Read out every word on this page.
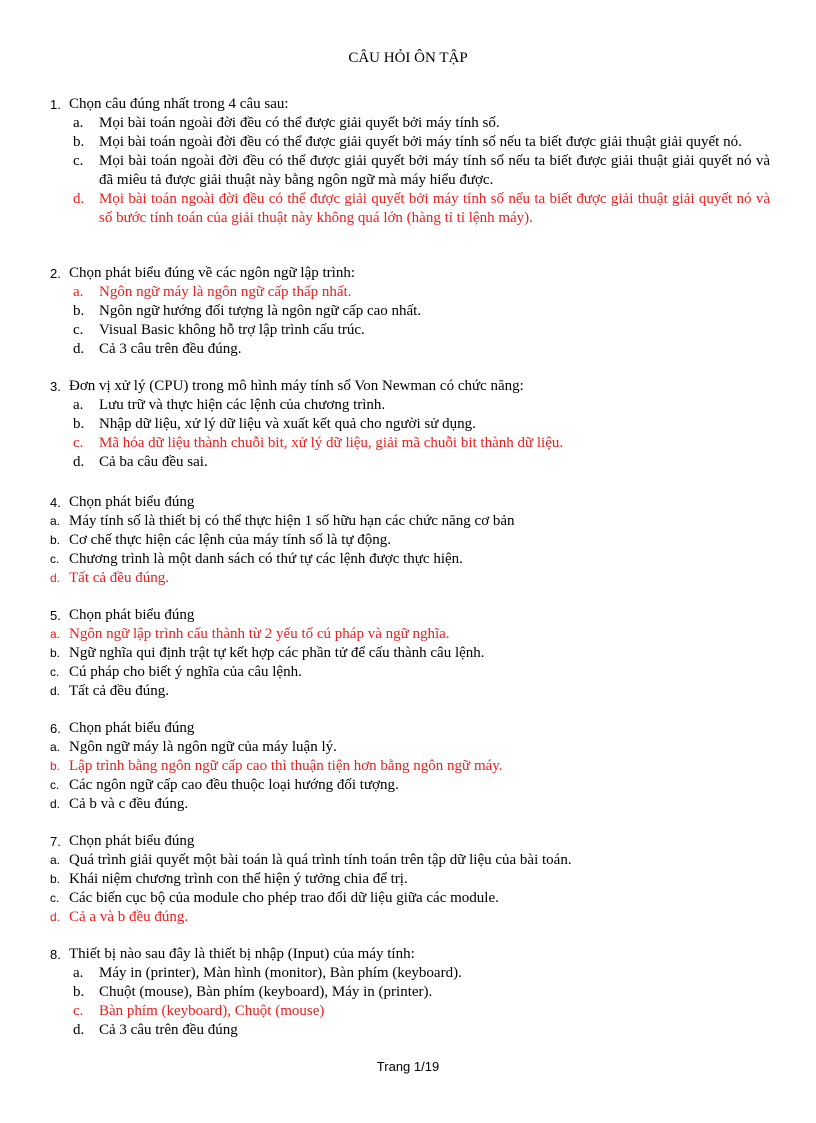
CÂU HỎI ÔN TẬP
1. Chọn câu đúng nhất trong 4 câu sau:
a. Mọi bài toán ngoài đời đều có thể được giải quyết bởi máy tính số.
b. Mọi bài toán ngoài đời đều có thể được giải quyết bởi máy tính số nếu ta biết được giải thuật giải quyết nó.
c. Mọi bài toán ngoài đời đều có thể được giải quyết bởi máy tính số nếu ta biết được giải thuật giải quyết nó và đã miêu tả được giải thuật này bằng ngôn ngữ mà máy hiểu được.
d. Mọi bài toán ngoài đời đều có thể được giải quyết bởi máy tính số nếu ta biết được giải thuật giải quyết nó và số bước tính toán của giải thuật này không quá lớn (hàng tỉ tỉ lệnh máy).
2. Chọn phát biểu đúng về các ngôn ngữ lập trình:
a. Ngôn ngữ máy là ngôn ngữ cấp thấp nhất.
b. Ngôn ngữ hướng đối tượng là ngôn ngữ cấp cao nhất.
c. Visual Basic không hỗ trợ lập trình cấu trúc.
d. Cả 3 câu trên đều đúng.
3. Đơn vị xử lý (CPU) trong mô hình máy tính số Von Newman có chức năng:
a. Lưu trữ và thực hiện các lệnh của chương trình.
b. Nhập dữ liệu, xử lý dữ liệu và xuất kết quả cho người sử dụng.
c. Mã hóa dữ liệu thành chuỗi bit, xử lý dữ liệu, giải mã chuỗi bit thành dữ liệu.
d. Cả ba câu đều sai.
4. Chọn phát biểu đúng
a. Máy tính số là thiết bị có thể thực hiện 1 số hữu hạn các chức năng cơ bản
b. Cơ chế thực hiện các lệnh của máy tính số là tự động.
c. Chương trình là một danh sách có thứ tự các lệnh được thực hiện.
d. Tất cả đều đúng.
5. Chọn phát biểu đúng
a. Ngôn ngữ lập trình cấu thành từ 2 yếu tố cú pháp và ngữ nghĩa.
b. Ngữ nghĩa qui định trật tự kết hợp các phần tử để cấu thành câu lệnh.
c. Cú pháp cho biết ý nghĩa của câu lệnh.
d. Tất cả đều đúng.
6. Chọn phát biểu đúng
a. Ngôn ngữ máy là ngôn ngữ của máy luận lý.
b. Lập trình bằng ngôn ngữ cấp cao thì thuận tiện hơn bằng ngôn ngữ máy.
c. Các ngôn ngữ cấp cao đều thuộc loại hướng đối tượng.
d. Cả b và c đều đúng.
7. Chọn phát biểu đúng
a. Quá trình giải quyết một bài toán là quá trình tính toán trên tập dữ liệu của bài toán.
b. Khái niệm chương trình con thể hiện ý tưởng chia để trị.
c. Các biến cục bộ của module cho phép trao đổi dữ liệu giữa các module.
d. Cả a và b đều đúng.
8. Thiết bị nào sau đây là thiết bị nhập (Input) của máy tính:
a. Máy in (printer), Màn hình (monitor), Bàn phím (keyboard).
b. Chuột (mouse), Bàn phím (keyboard), Máy in (printer).
c. Bàn phím (keyboard), Chuột (mouse)
d. Cả 3 câu trên đều đúng
Trang 1/19
